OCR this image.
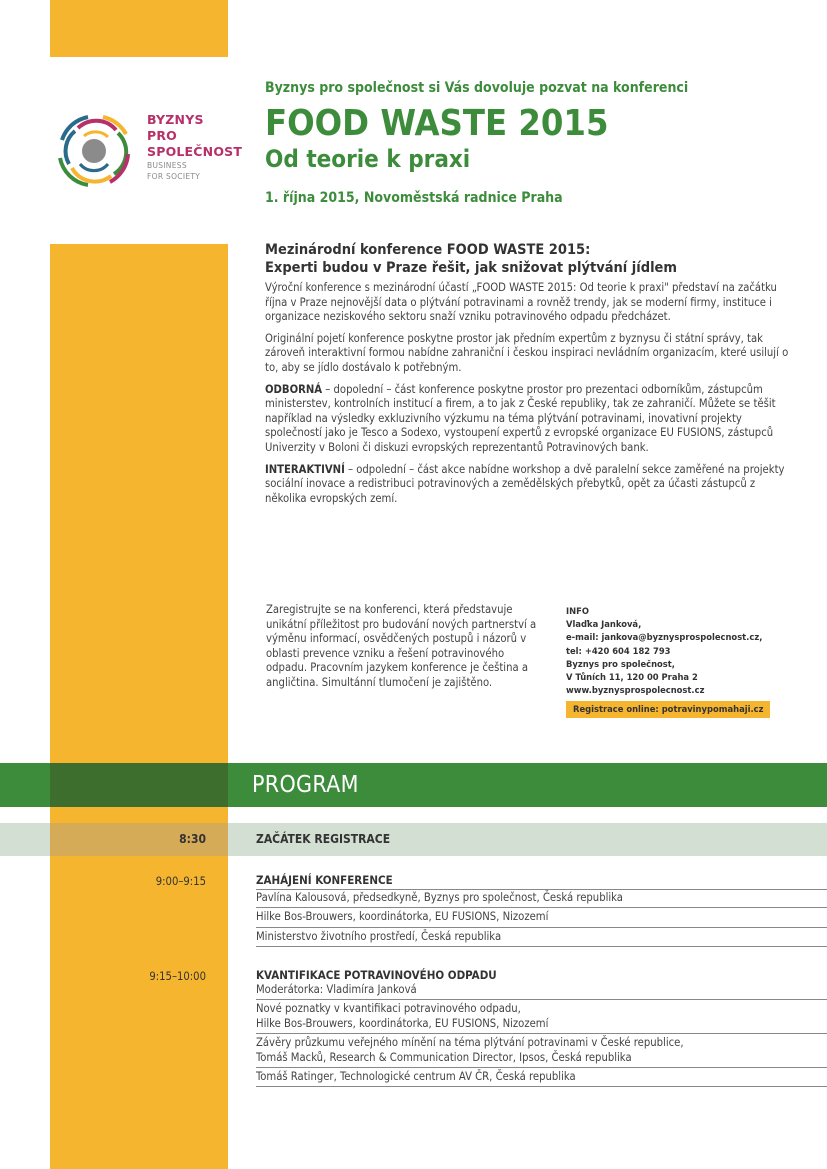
BYZNYS
PRO
SPOLEČNOST
BUSINESS
FOR SOCIETY
Byznys pro společnost si Vás dovoluje pozvat na konferenci
FOOD WASTE 2015
Od teorie k praxi
1. října 2015, Novoměstská radnice Praha
Mezinárodní konference FOOD WASTE 2015:
Experti budou v Praze řešit, jak snižovat plýtvání jídlem

Výroční konference s mezinárodní účastí „FOOD WASTE 2015: Od teorie k praxi" představí na začátku října v Praze nejnovější data o plýtvání potravinami a rovněž trendy, jak se moderní firmy, instituce i organizace neziskového sektoru snaží vzniku potravinového odpadu předcházet.

Originální pojetí konference poskytne prostor jak předním expertům z byznysu či státní správy, tak zároveň interaktivní formou nabídne zahraniční i českou inspiraci nevládním organizacím, které usilují o to, aby se jídlo dostávalo k potřebným.

ODBORNÁ – dopolední – část konference poskytne prostor pro prezentaci odborníkům, zástupcům ministerstev, kontrolních institucí a firem, a to jak z České republiky, tak ze zahraničí. Můžete se těšit například na výsledky exkluzivního výzkumu na téma plýtvání potravinami, inovativní projekty společností jako je Tesco a Sodexo, vystoupení expertů z evropské organizace EU FUSIONS, zástupců Univerzity v Boloni či diskuzi evropských reprezentantů Potravinových bank.

INTERAKTIVNÍ – odpolední – část akce nabídne workshop a dvě paralelní sekce zaměřené na projekty sociální inovace a redistribuci potravinových a zemědělských přebytků, opět za účasti zástupců z několika evropských zemí.

Zaregistrujte se na konferenci, která představuje unikátní příležitost pro budování nových partnerství a výměnu informací, osvědčených postupů i názorů v oblasti prevence vzniku a řešení potravinového odpadu. Pracovním jazykem konference je čeština a angličtina. Simultánní tlumočení je zajištěno.
INFO
Vlaďka Janková,
e-mail: jankova@byznysprospolecnost.cz,
tel: +420 604 182 793
Byznys pro společnost,
V Tůních 11, 120 00 Praha 2
www.byznysprospolecnost.cz
Registrace online: potravinypomahaji.cz
PROGRAM
8:30	ZAČÁTEK REGISTRACE
9:00–9:15	ZAHÁJENÍ KONFERENCE
Pavlína Kalousová, předsedkyně, Byznys pro společnost, Česká republika
Hilke Bos-Brouwers, koordinátorka, EU FUSIONS, Nizozemí
Ministerstvo životního prostředí, Česká republika
9:15–10:00	KVANTIFIKACE POTRAVINOVÉHO ODPADU
Moderátorka: Vladimíra Janková
Nové poznatky v kvantifikaci potravinového odpadu,
Hilke Bos-Brouwers, koordinátorka, EU FUSIONS, Nizozemí
Závěry průzkumu veřejného mínění na téma plýtvání potravinami v České republice,
Tomáš Macků, Research & Communication Director, Ipsos, Česká republika
Tomáš Ratinger, Technologické centrum AV ČR, Česká republika
